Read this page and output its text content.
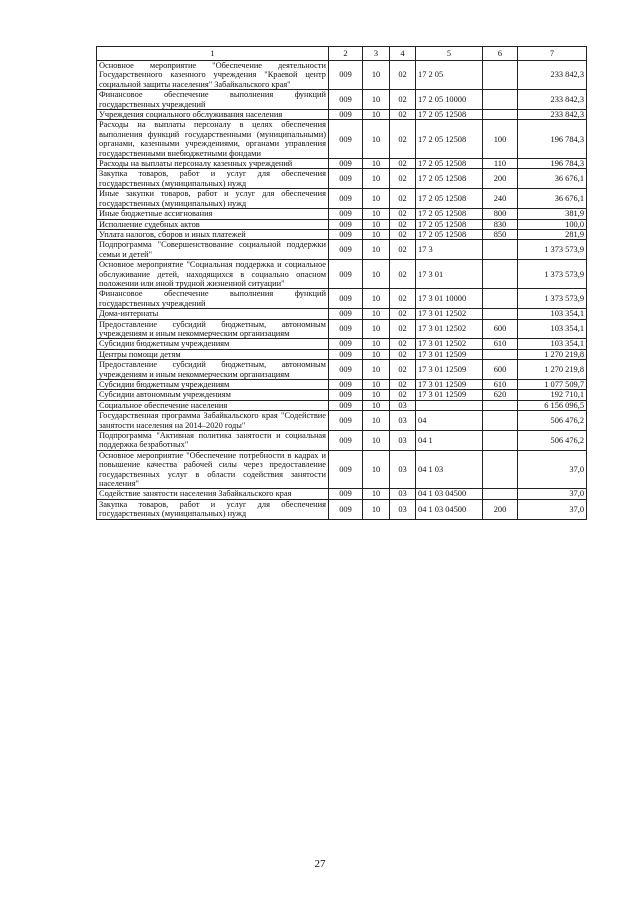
1	2	3	4	5	6	7
Основное мероприятие "Обеспечение деятельности Государственного казенного учреждения "Краевой центр социальной защиты населения" Забайкальского края"	009	10	02	17 2 05		233 842,3
Финансовое обеспечение выполнения функций государственных учреждений	009	10	02	17 2 05 10000		233 842,3
Учреждения социального обслуживания населения	009	10	02	17 2 05 12508		233 842,3
Расходы на выплаты персоналу в целях обеспечения выполнения функций государственными (муниципальными) органами, казенными учреждениями, органами управления государственными внебюджетными фондами	009	10	02	17 2 05 12508	100	196 784,3
Расходы на выплаты персоналу казенных учреждений	009	10	02	17 2 05 12508	110	196 784,3
Закупка товаров, работ и услуг для обеспечения государственных (муниципальных) нужд	009	10	02	17 2 05 12508	200	36 676,1
Иные закупки товаров, работ и услуг для обеспечения государственных (муниципальных) нужд	009	10	02	17 2 05 12508	240	36 676,1
Иные бюджетные ассигнования	009	10	02	17 2 05 12508	800	381,9
Исполнение судебных актов	009	10	02	17 2 05 12508	830	100,0
Уплата налогов, сборов и иных платежей	009	10	02	17 2 05 12508	850	281,9
Подпрограмма "Совершенствование социальной поддержки семьи и детей"	009	10	02	17 3		1 373 573,9
Основное мероприятие "Социальная поддержка и социальное обслуживание детей, находящихся в социально опасном положении или иной трудной жизненной ситуации"	009	10	02	17 3 01		1 373 573,9
Финансовое обеспечение выполнения функций государственных учреждений	009	10	02	17 3 01 10000		1 373 573,9
Дома-интернаты	009	10	02	17 3 01 12502		103 354,1
Предоставление субсидий бюджетным, автономным учреждениям и иным некоммерческим организациям	009	10	02	17 3 01 12502	600	103 354,1
Субсидии бюджетным учреждениям	009	10	02	17 3 01 12502	610	103 354,1
Центры помощи детям	009	10	02	17 3 01 12509		1 270 219,8
Предоставление субсидий бюджетным, автономным учреждениям и иным некоммерческим организациям	009	10	02	17 3 01 12509	600	1 270 219,8
Субсидии бюджетным учреждениям	009	10	02	17 3 01 12509	610	1 077 509,7
Субсидии автономным учреждениям	009	10	02	17 3 01 12509	620	192 710,1
Социальное обеспечение населения	009	10	03			6 156 096,5
Государственная программа Забайкальского края "Содействие занятости населения на 2014–2020 годы"	009	10	03	04		506 476,2
Подпрограмма "Активная политика занятости и социальная поддержка безработных"	009	10	03	04 1		506 476,2
Основное мероприятие "Обеспечение потребности в кадрах и повышение качества рабочей силы через предоставление государственных услуг в области содействия занятости населения"	009	10	03	04 1 03		37,0
Содействие занятости населения Забайкальского края	009	10	03	04 1 03 04500		37,0
Закупка товаров, работ и услуг для обеспечения государственных (муниципальных) нужд	009	10	03	04 1 03 04500	200	37,0
27
